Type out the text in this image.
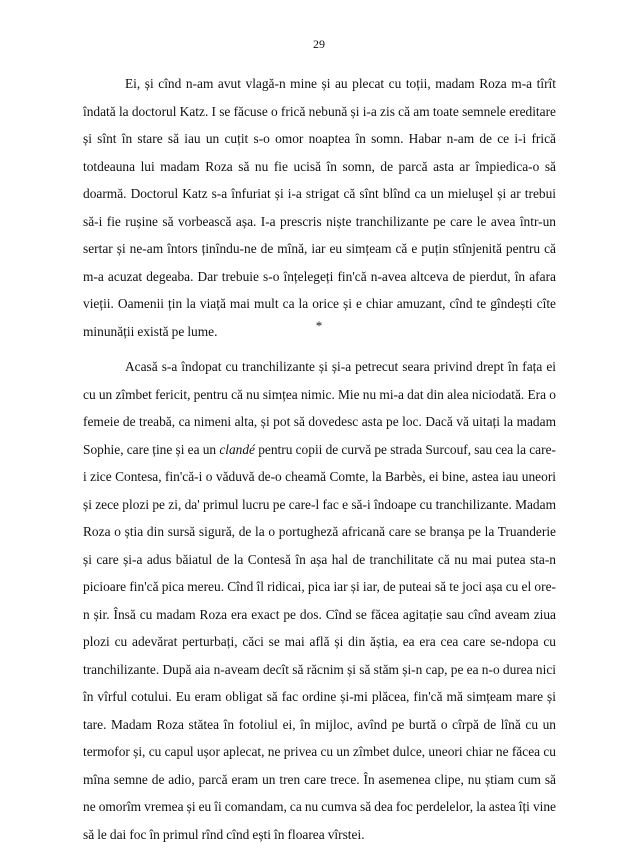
29

Ei, și cînd n-am avut vlagă-n mine și au plecat cu toții, madam Roza m-a tîrît îndată la doctorul Katz. I se făcuse o frică nebună și i-a zis că am toate semnele ereditare și sînt în stare să iau un cuțit s-o omor noaptea în somn. Habar n-am de ce i-i frică totdeauna lui madam Roza să nu fie ucisă în somn, de parcă asta ar împiedica-o să doarmă. Doctorul Katz s-a înfuriat și i-a strigat că sînt blînd ca un mieluşel și ar trebui să-i fie rușine să vorbească așa. I-a prescris niște tranchilizante pe care le avea într-un sertar și ne-am întors ținîndu-ne de mînă, iar eu simțeam că e puțin stînjenită pentru că m-a acuzat degeaba. Dar trebuie s-o înțelegeți fin'că n-avea altceva de pierdut, în afara vieții. Oamenii țin la viață mai mult ca la orice și e chiar amuzant, cînd te gîndești cîte minunății există pe lume.	*

Acasă s-a îndopat cu tranchilizante și și-a petrecut seara privind drept în fața ei cu un zîmbet fericit, pentru că nu simțea nimic. Mie nu mi-a dat din alea niciodată. Era o femeie de treabă, ca nimeni alta, și pot să dovedesc asta pe loc. Dacă vă uitați la madam Sophie, care ține și ea un clandé pentru copii de curvă pe strada Surcouf, sau cea la care-i zice Contesa, fin'că-i o văduvă de-o cheamă Comte, la Barbès, ei bine, astea iau uneori și zece plozi pe zi, da' primul lucru pe care-l fac e să-i îndoape cu tranchilizante. Madam Roza o știa din sursă sigură, de la o portugheză africană care se branșa pe la Truanderie și care și-a adus băiatul de la Contesă în așa hal de tranchilitate că nu mai putea sta-n picioare fin'că pica mereu. Cînd îl ridicai, pica iar și iar, de puteai să te joci așa cu el ore-n șir. Însă cu madam Roza era exact pe dos. Cînd se făcea agitație sau cînd aveam ziua plozi cu adevărat perturbați, căci se mai află și din ăștia, ea era cea care se-ndopa cu tranchilizante. După aia n-aveam decît să răcnim și să stăm și-n cap, pe ea n-o durea nici în vîrful cotului. Eu eram obligat să fac ordine și-mi plăcea, fin'că mă simțeam mare și tare. Madam Roza stătea în fotoliul ei, în mijloc, avînd pe burtă o cîrpă de lînă cu un termofor și, cu capul ușor aplecat, ne privea cu un zîmbet dulce, uneori chiar ne făcea cu mîna semne de adio, parcă eram un tren care trece. În asemenea clipe, nu știam cum să ne omorîm vremea și eu îi comandam, ca nu cumva să dea foc perdelelor, la astea îți vine să le dai foc în primul rînd cînd ești în floarea vîrstei.
